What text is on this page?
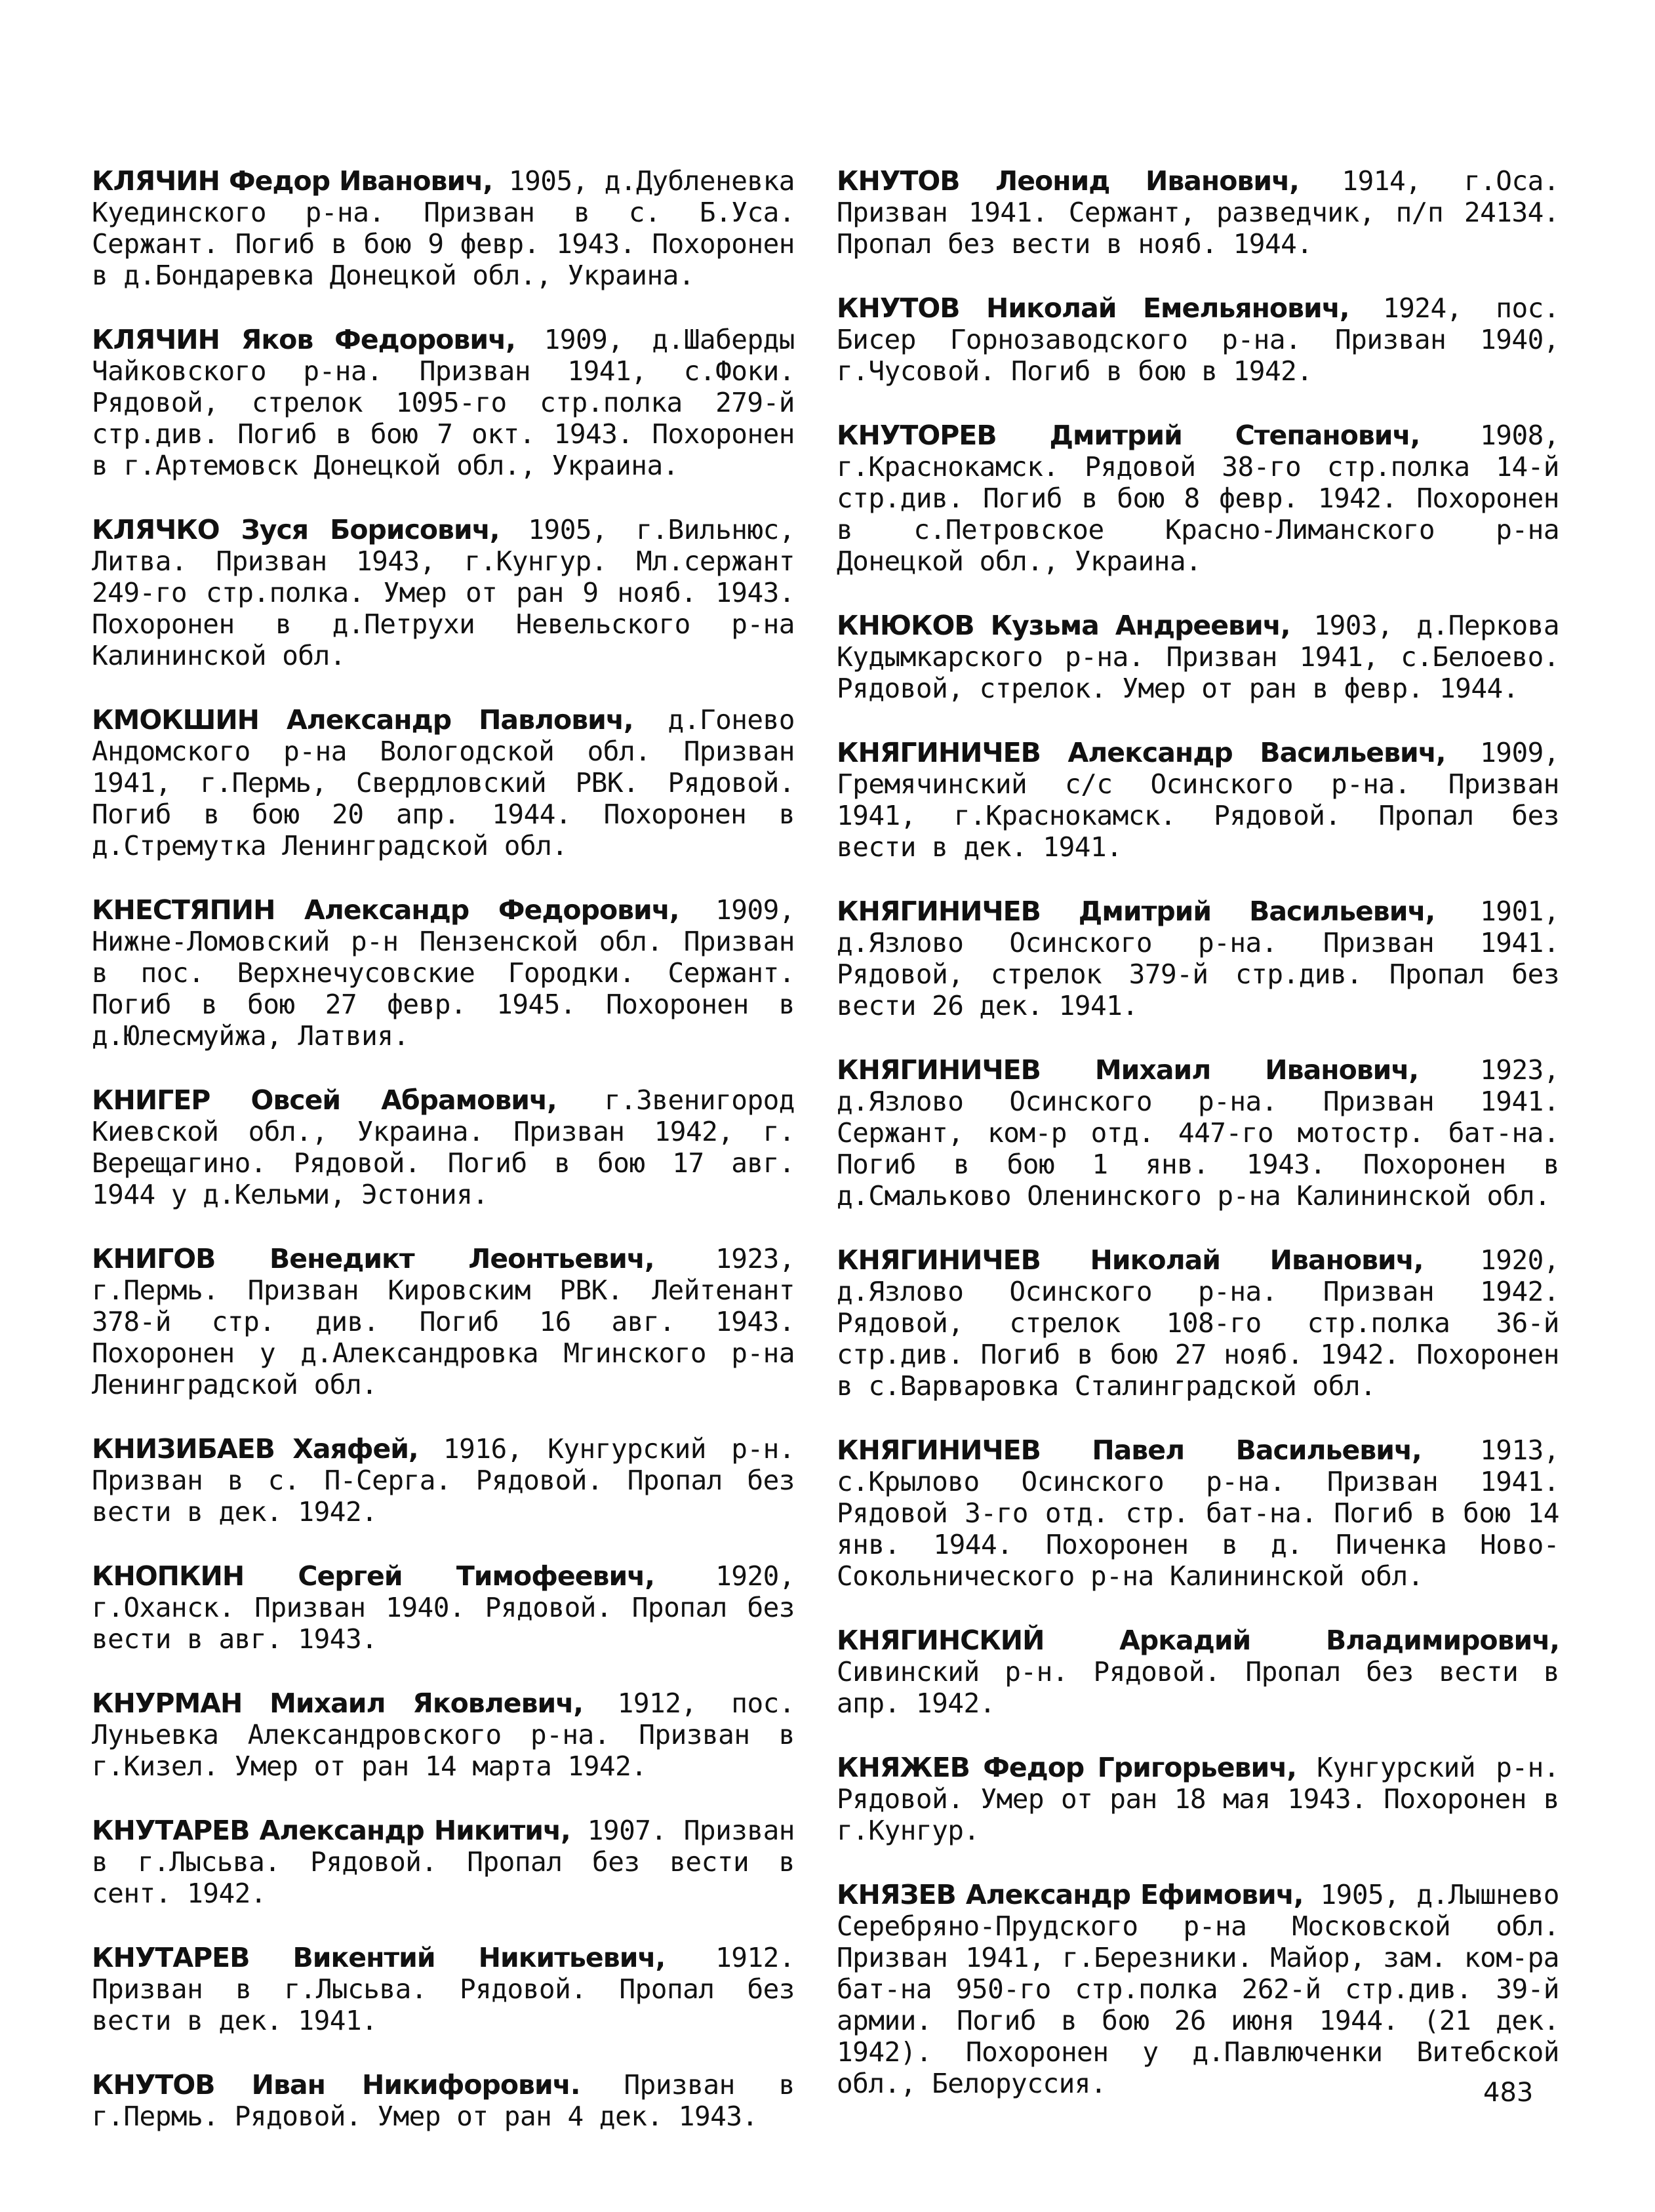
КЛЯЧИН Федор Иванович, 1905, д.Дубленевка Куединского р-на. Призван в с. Б.Уса. Сержант. Погиб в бою 9 февр. 1943. Похоронен в д.Бондаревка Донецкой обл., Украина.

КЛЯЧИН Яков Федорович, 1909, д.Шаберды Чайковского р-на. Призван 1941, с.Фоки. Рядовой, стрелок 1095-го стр.полка 279-й стр.див. Погиб в бою 7 окт. 1943. Похоронен в г.Артемовск Донецкой обл., Украина.

КЛЯЧКО Зуся Борисович, 1905, г.Вильнюс, Литва. Призван 1943, г.Кунгур. Мл.сержант 249-го стр.полка. Умер от ран 9 нояб. 1943. Похоронен в д.Петрухи Невельского р-на Калининской обл.

КМОКШИН Александр Павлович, д.Гонево Андомского р-на Вологодской обл. Призван 1941, г.Пермь, Свердловский РВК. Рядовой. Погиб в бою 20 апр. 1944. Похоронен в д.Стремутка Ленинградской обл.

КНЕСТЯПИН Александр Федорович, 1909, Нижне-Ломовский р-н Пензенской обл. Призван в пос. Верхнечусовские Городки. Сержант. Погиб в бою 27 февр. 1945. Похоронен в д.Юлесмуйжа, Латвия.

КНИГЕР Овсей Абрамович, г.Звенигород Киевской обл., Украина. Призван 1942, г. Верещагино. Рядовой. Погиб в бою 17 авг. 1944 у д.Кельми, Эстония.

КНИГОВ Венедикт Леонтьевич, 1923, г.Пермь. Призван Кировским РВК. Лейтенант 378-й стр. див. Погиб 16 авг. 1943. Похоронен у д.Александровка Мгинского р-на Ленинградской обл.

КНИЗИБАЕВ Хаяфей, 1916, Кунгурский р-н. Призван в с. П-Серга. Рядовой. Пропал без вести в дек. 1942.

КНОПКИН Сергей Тимофеевич, 1920, г.Оханск. Призван 1940. Рядовой. Пропал без вести в авг. 1943.

КНУРМАН Михаил Яковлевич, 1912, пос. Луньевка Александровского р-на. Призван в г.Кизел. Умер от ран 14 марта 1942.

КНУТАРЕВ Александр Никитич, 1907. Призван в г.Лысьва. Рядовой. Пропал без вести в сент. 1942.

КНУТАРЕВ Викентий Никитьевич, 1912. Призван в г.Лысьва. Рядовой. Пропал без вести в дек. 1941.

КНУТОВ Иван Никифорович. Призван в г.Пермь. Рядовой. Умер от ран 4 дек. 1943.

КНУТОВ Леонид Иванович, 1914, г.Оса. Призван 1941. Сержант, разведчик, п/п 24134. Пропал без вести в нояб. 1944.

КНУТОВ Николай Емельянович, 1924, пос. Бисер Горнозаводского р-на. Призван 1940, г.Чусовой. Погиб в бою в 1942.

КНУТОРЕВ Дмитрий Степанович, 1908, г.Краснокамск. Рядовой 38-го стр.полка 14-й стр.див. Погиб в бою 8 февр. 1942. Похоронен в с.Петровское Красно-Лиманского р-на Донецкой обл., Украина.

КНЮКОВ Кузьма Андреевич, 1903, д.Перкова Кудымкарского р-на. Призван 1941, с.Белоево. Рядовой, стрелок. Умер от ран в февр. 1944.

КНЯГИНИЧЕВ Александр Васильевич, 1909, Гремячинский с/с Осинского р-на. Призван 1941, г.Краснокамск. Рядовой. Пропал без вести в дек. 1941.

КНЯГИНИЧЕВ Дмитрий Васильевич, 1901, д.Язлово Осинского р-на. Призван 1941. Рядовой, стрелок 379-й стр.див. Пропал без вести 26 дек. 1941.

КНЯГИНИЧЕВ Михаил Иванович, 1923, д.Язлово Осинского р-на. Призван 1941. Сержант, ком-р отд. 447-го мотостр. бат-на. Погиб в бою 1 янв. 1943. Похоронен в д.Смальково Оленинского р-на Калининской обл.

КНЯГИНИЧЕВ Николай Иванович, 1920, д.Язлово Осинского р-на. Призван 1942. Рядовой, стрелок 108-го стр.полка 36-й стр.див. Погиб в бою 27 нояб. 1942. Похоронен в с.Варваровка Сталинградской обл.

КНЯГИНИЧЕВ Павел Васильевич, 1913, с.Крылово Осинского р-на. Призван 1941. Рядовой 3-го отд. стр. бат-на. Погиб в бою 14 янв. 1944. Похоронен в д. Пиченка Ново-Сокольнического р-на Калининской обл.

КНЯГИНСКИЙ Аркадий Владимирович, Сивинский р-н. Рядовой. Пропал без вести в апр. 1942.

КНЯЖЕВ Федор Григорьевич, Кунгурский р-н. Рядовой. Умер от ран 18 мая 1943. Похоронен в г.Кунгур.

КНЯЗЕВ Александр Ефимович, 1905, д.Лышнево Серебряно-Прудского р-на Московской обл. Призван 1941, г.Березники. Майор, зам. ком-ра бат-на 950-го стр.полка 262-й стр.див. 39-й армии. Погиб в бою 26 июня 1944. (21 дек. 1942). Похоронен у д.Павлюченки Витебской обл., Белоруссия.	483
